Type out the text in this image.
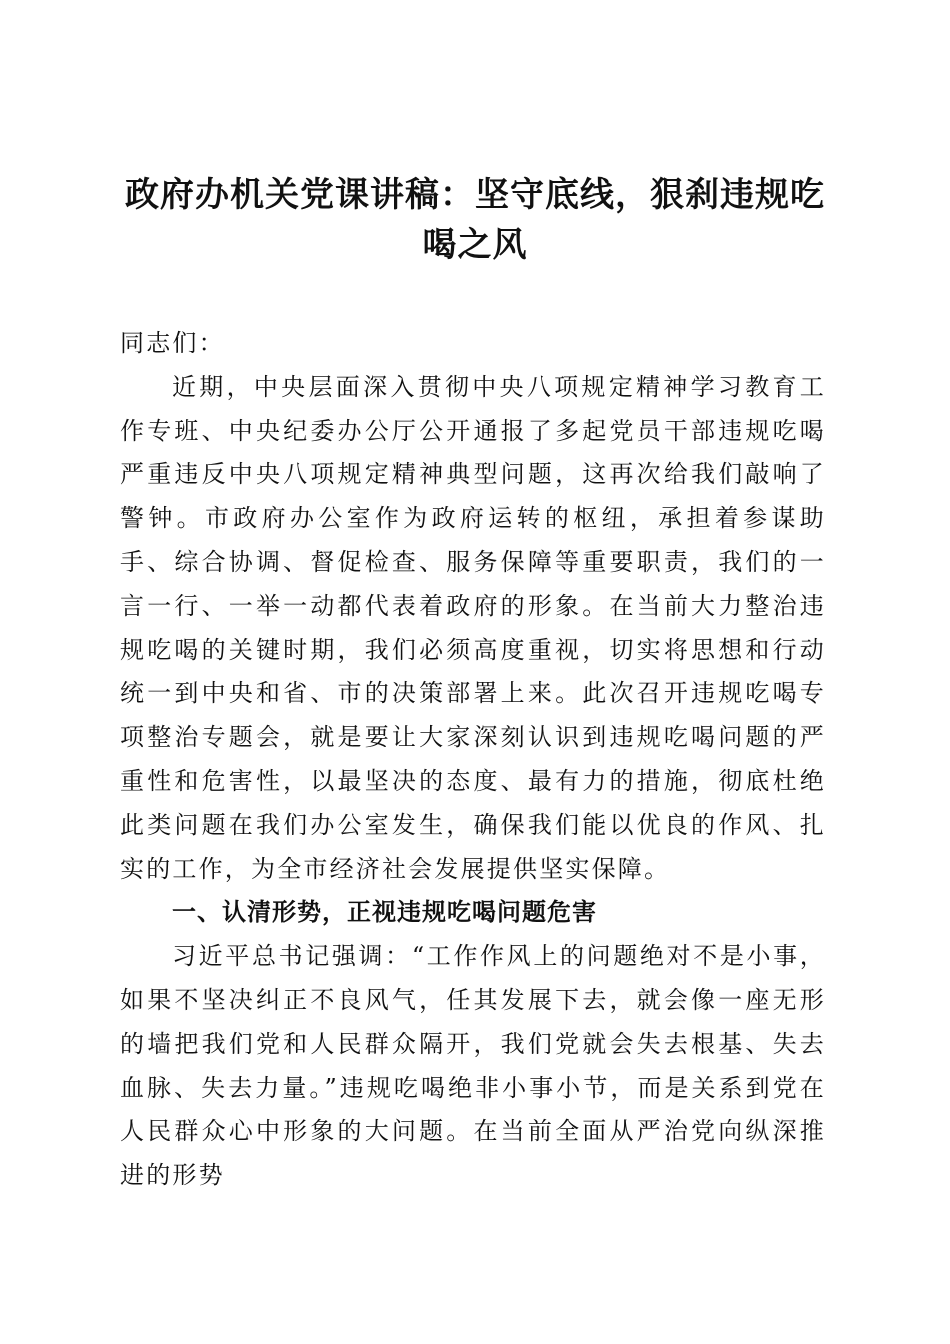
政府办机关党课讲稿：坚守底线，狠刹违规吃喝之风

同志们：

近期，中央层面深入贯彻中央八项规定精神学习教育工作专班、中央纪委办公厅公开通报了多起党员干部违规吃喝严重违反中央八项规定精神典型问题，这再次给我们敲响了警钟。市政府办公室作为政府运转的枢纽，承担着参谋助手、综合协调、督促检查、服务保障等重要职责，我们的一言一行、一举一动都代表着政府的形象。在当前大力整治违规吃喝的关键时期，我们必须高度重视，切实将思想和行动统一到中央和省、市的决策部署上来。此次召开违规吃喝专项整治专题会，就是要让大家深刻认识到违规吃喝问题的严重性和危害性，以最坚决的态度、最有力的措施，彻底杜绝此类问题在我们办公室发生，确保我们能以优良的作风、扎实的工作，为全市经济社会发展提供坚实保障。

一、认清形势，正视违规吃喝问题危害

习近平总书记强调：“工作作风上的问题绝对不是小事，如果不坚决纠正不良风气，任其发展下去，就会像一座无形的墙把我们党和人民群众隔开，我们党就会失去根基、失去血脉、失去力量。”违规吃喝绝非小事小节，而是关系到党在人民群众心中形象的大问题。在当前全面从严治党向纵深推进的形势
